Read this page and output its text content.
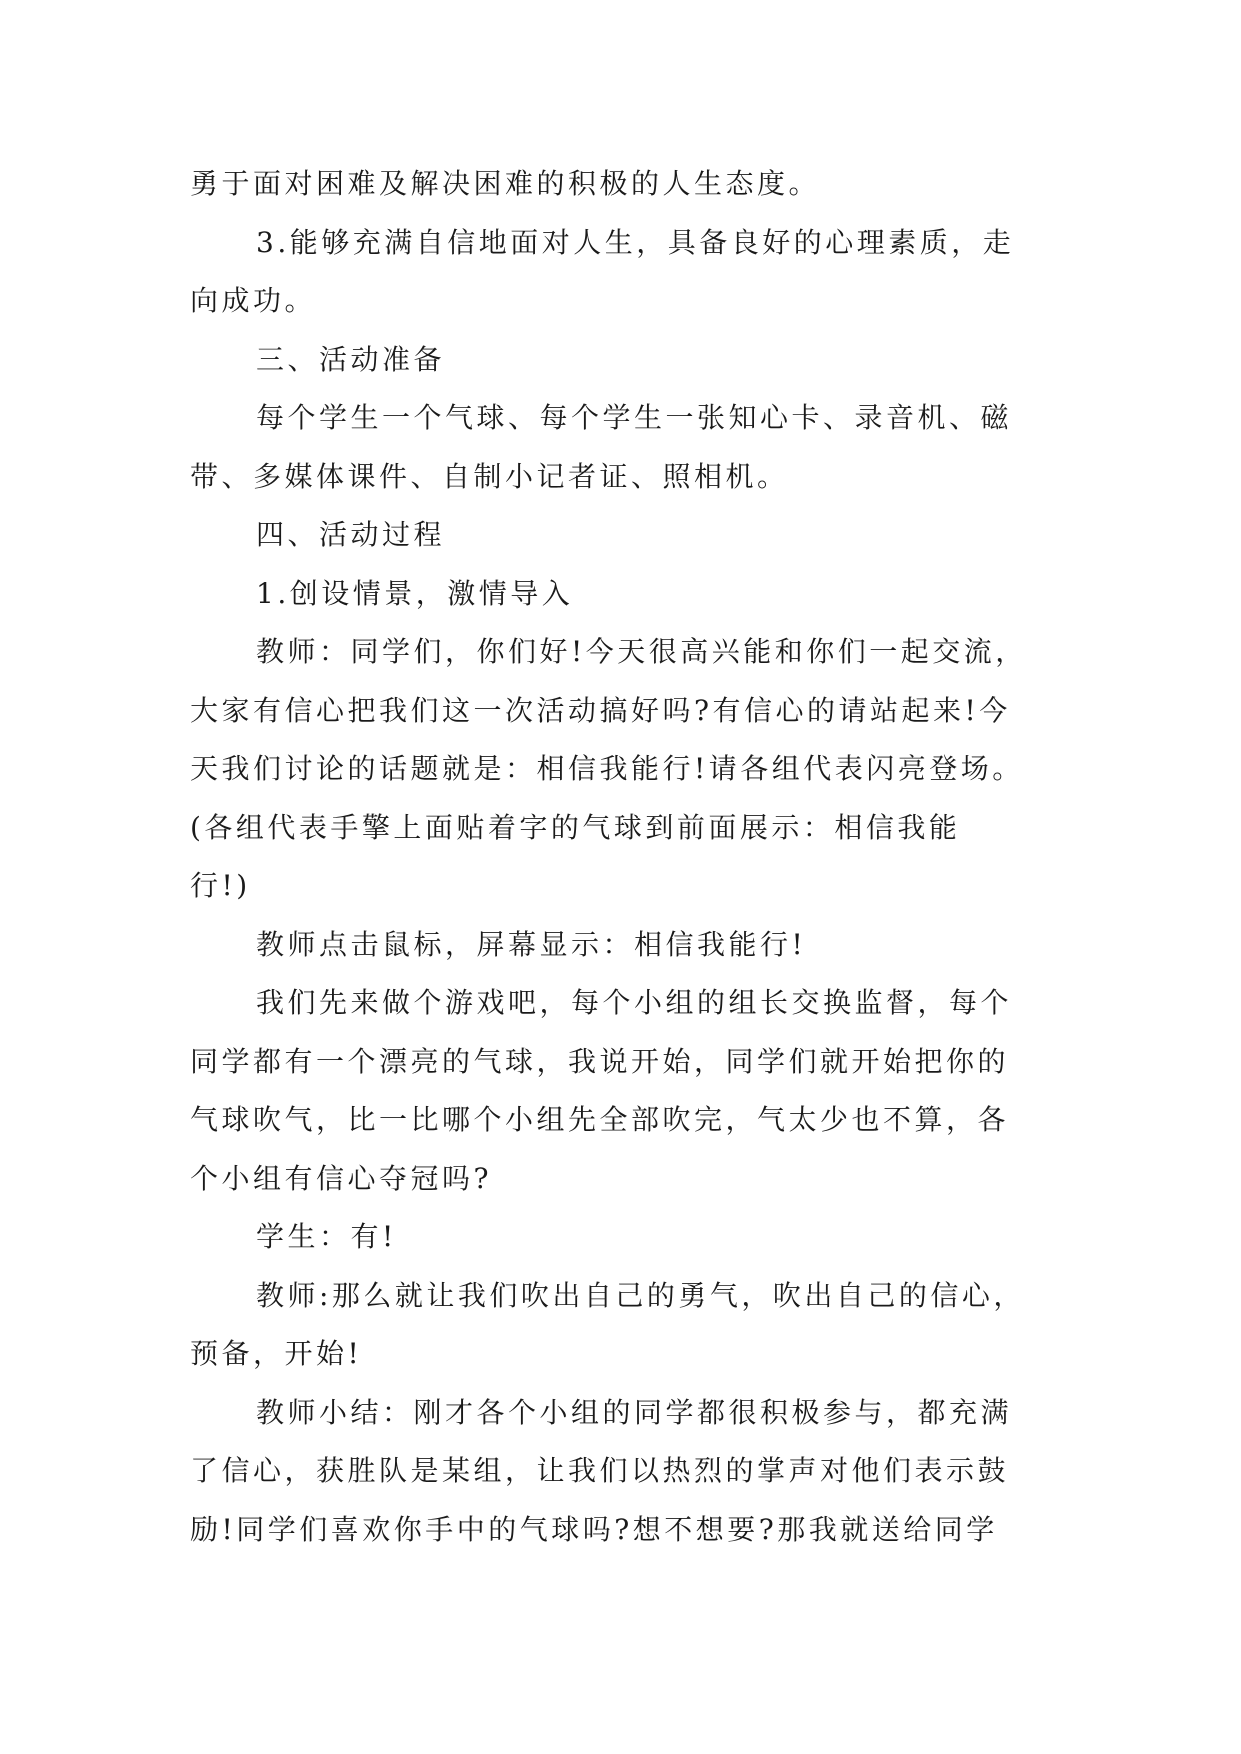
勇于面对困难及解决困难的积极的人生态度。
3.能够充满自信地面对人生，具备良好的心理素质，走
向成功。
三、活动准备
每个学生一个气球、每个学生一张知心卡、录音机、磁
带、多媒体课件、自制小记者证、照相机。
四、活动过程
1.创设情景，激情导入
教师：同学们，你们好!今天很高兴能和你们一起交流，
大家有信心把我们这一次活动搞好吗?有信心的请站起来!今
天我们讨论的话题就是：相信我能行!请各组代表闪亮登场。
(各组代表手擎上面贴着字的气球到前面展示：相信我能
行!)
教师点击鼠标，屏幕显示：相信我能行!
我们先来做个游戏吧，每个小组的组长交换监督，每个
同学都有一个漂亮的气球，我说开始，同学们就开始把你的
气球吹气，比一比哪个小组先全部吹完，气太少也不算，各
个小组有信心夺冠吗?
学生：有!
教师:那么就让我们吹出自己的勇气，吹出自己的信心，
预备，开始!
教师小结：刚才各个小组的同学都很积极参与，都充满
了信心，获胜队是某组，让我们以热烈的掌声对他们表示鼓
励!同学们喜欢你手中的气球吗?想不想要?那我就送给同学
